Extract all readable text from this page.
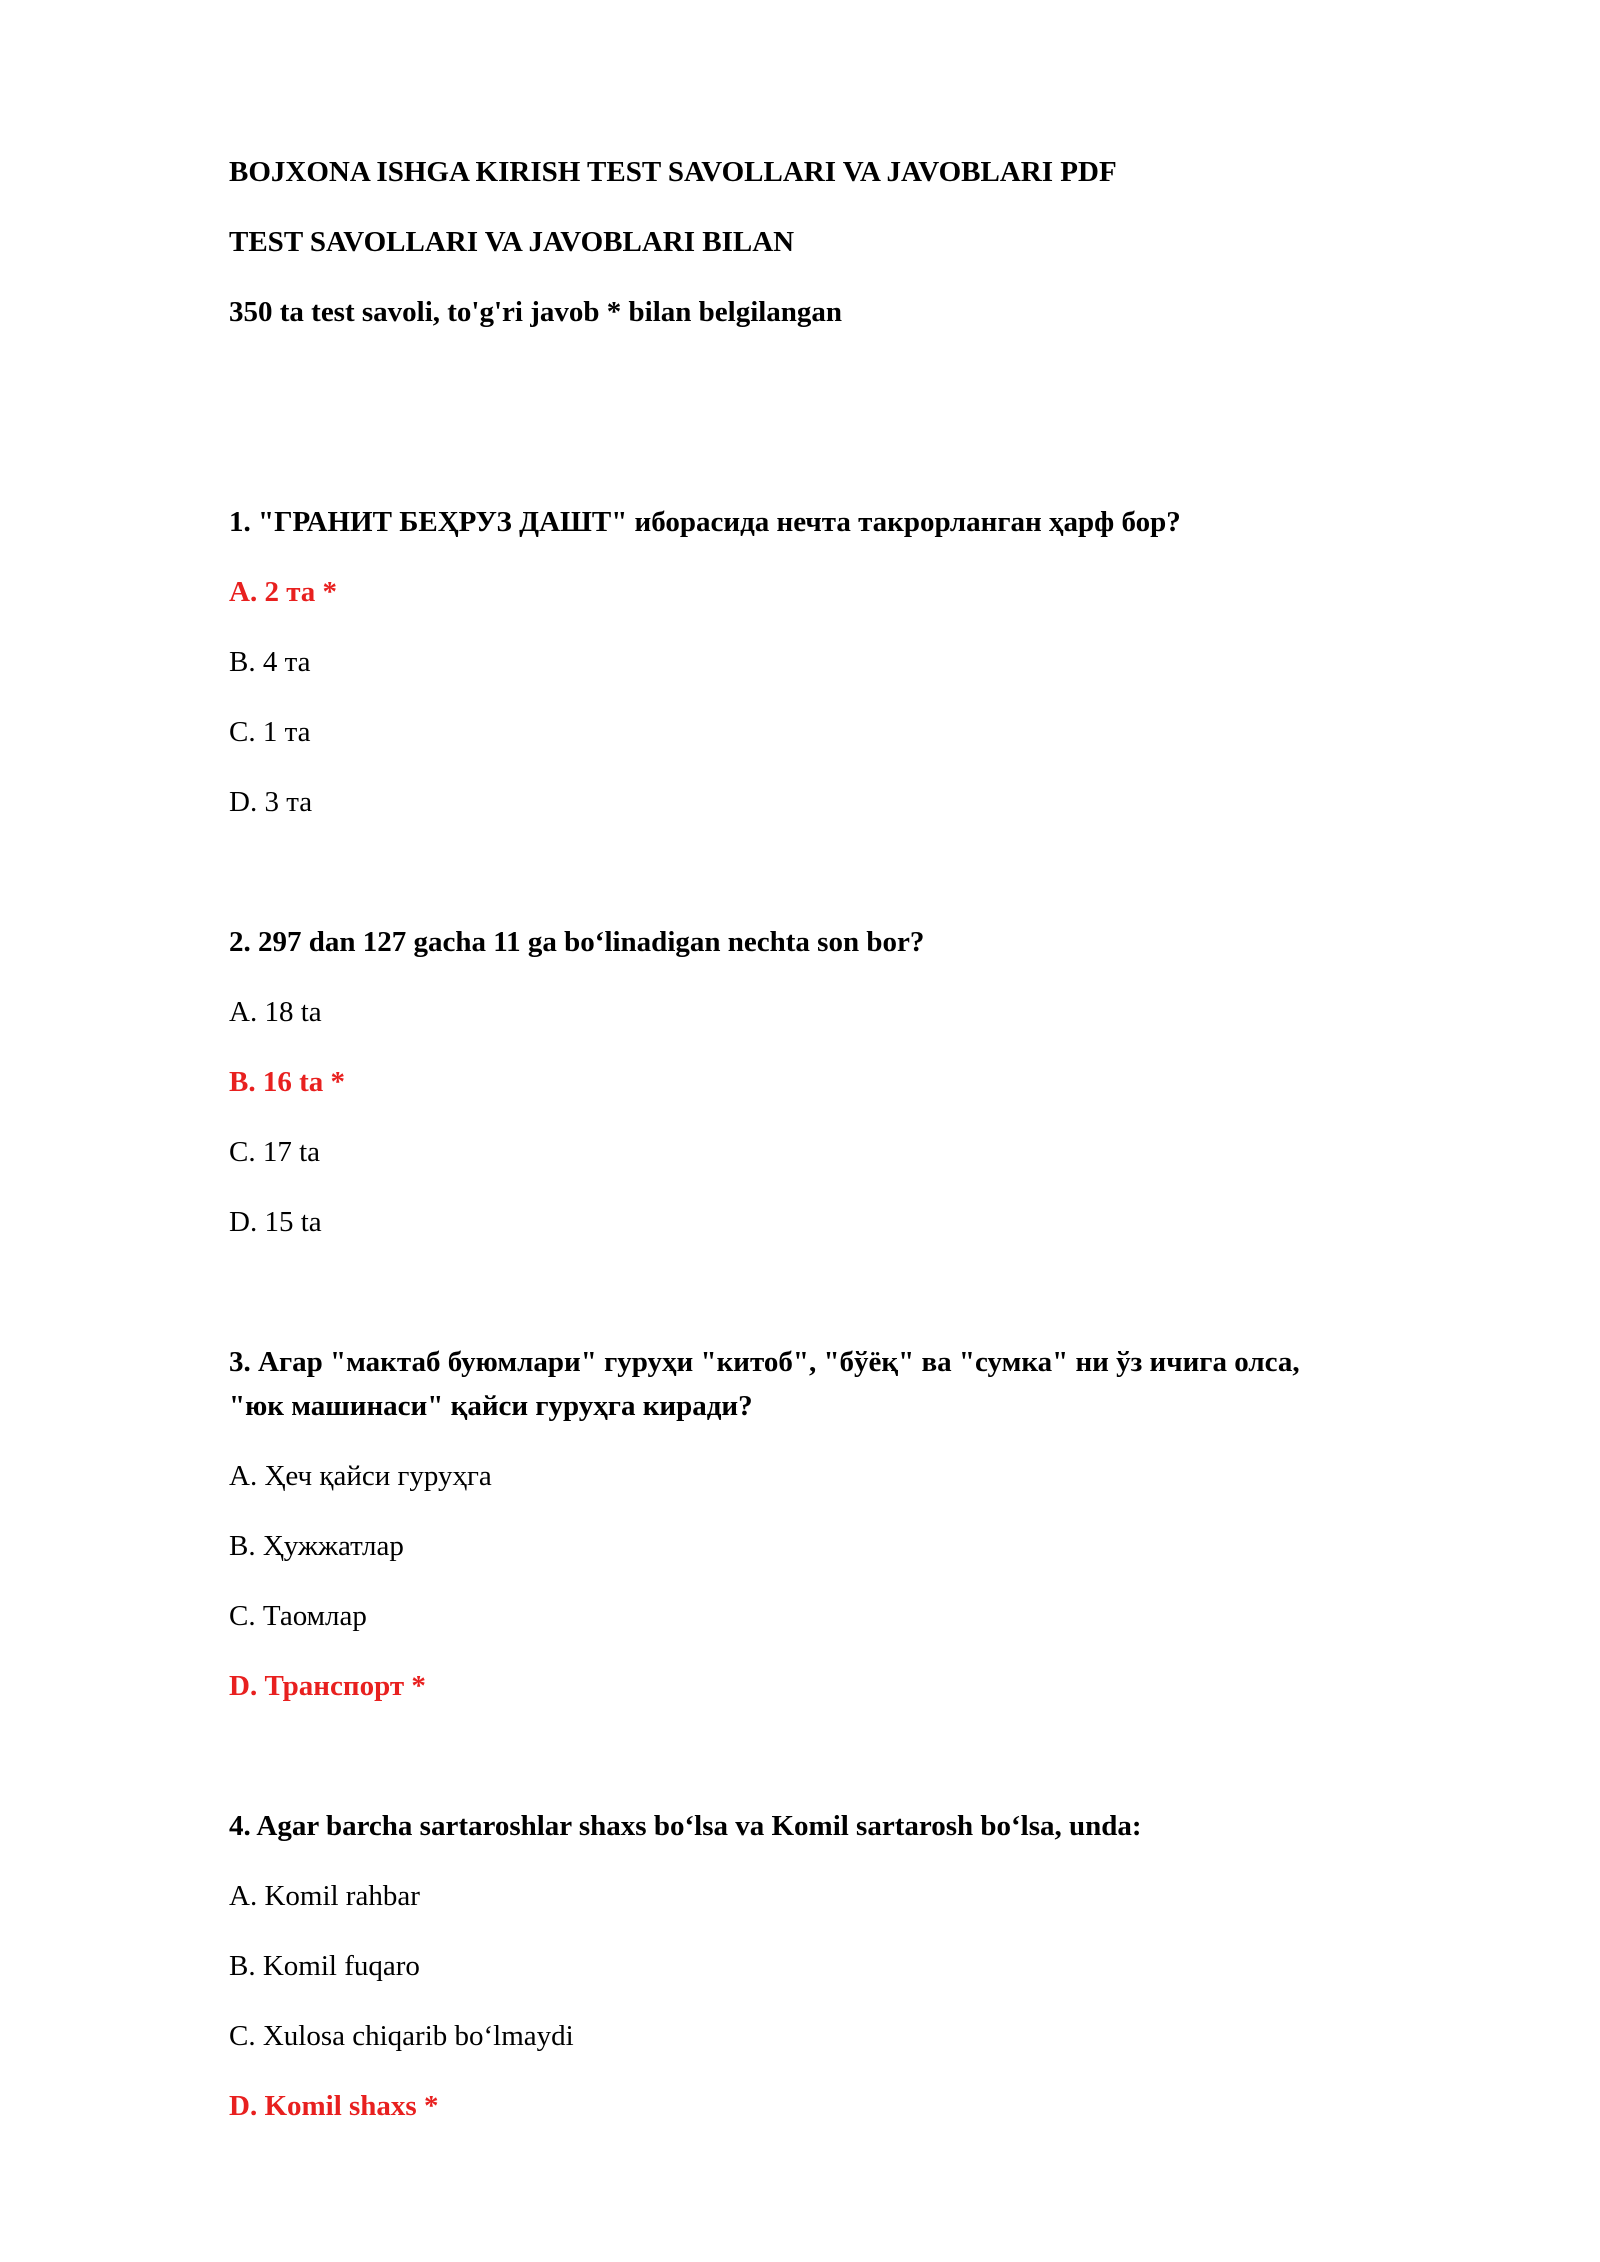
BOJXONA ISHGA KIRISH TEST SAVOLLARI VA JAVOBLARI PDF
TEST SAVOLLARI VA JAVOBLARI BILAN
350 ta test savoli, to'g'ri javob * bilan belgilangan
1. "ГРАНИТ БЕҲРУЗ ДАШТ" иборасида нечта такрорланган ҳарф бор?
A. 2 та *
B. 4 та
C. 1 та
D. 3 та
2. 297 dan 127 gacha 11 ga boʻlinadigan nechta son bor?
A. 18 ta
B. 16 ta *
C. 17 ta
D. 15 ta
3. Агар "мактаб буюмлари" гуруҳи "китоб", "бўёқ" ва "сумка" ни ўз ичига олса,
"юк машинаси" қайси гуруҳга киради?
A. Ҳеч қайси гуруҳга
B. Ҳужжатлар
C. Таомлар
D. Транспорт *
4. Agar barcha sartaroshlar shaxs boʻlsa va Komil sartarosh boʻlsa, unda:
A. Komil rahbar
B. Komil fuqaro
C. Xulosa chiqarib boʻlmaydi
D. Komil shaxs *
